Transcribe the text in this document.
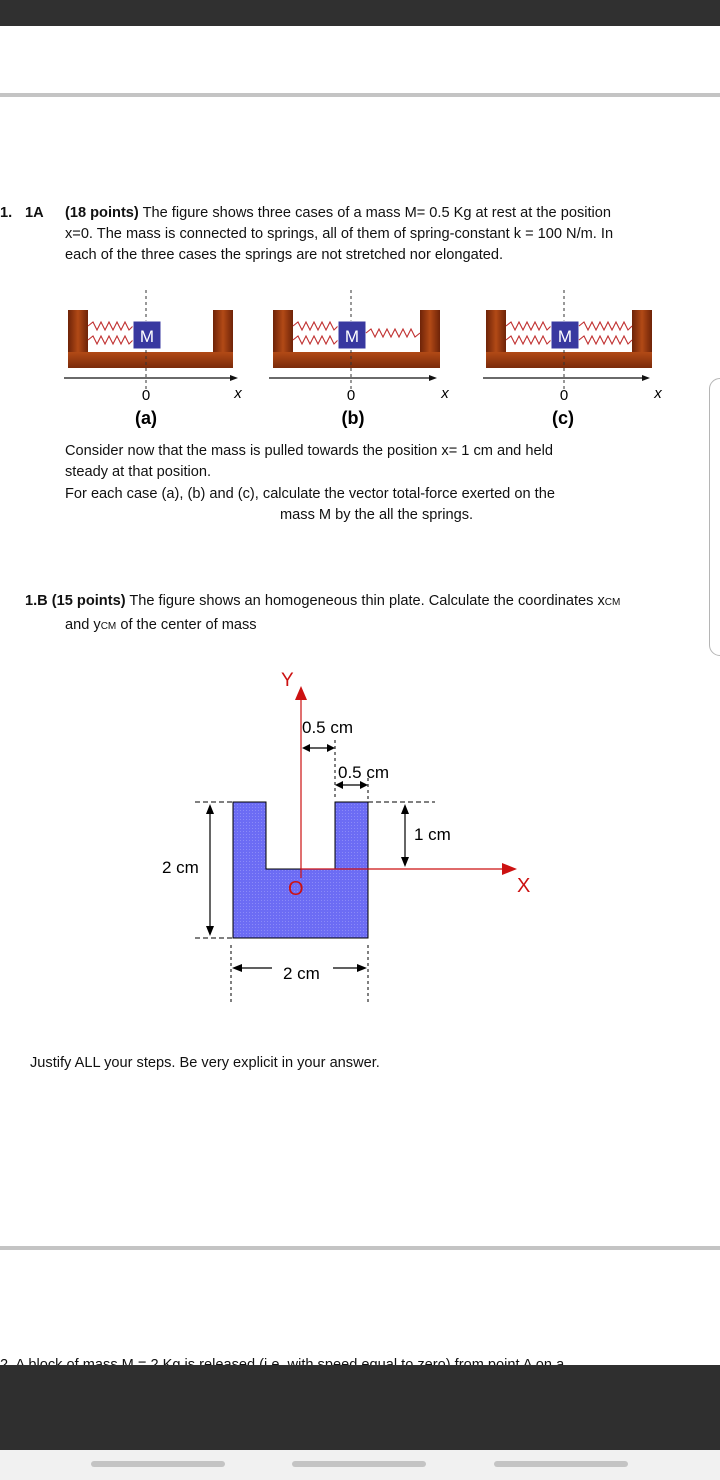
1. 1A (18 points) The figure shows three cases of a mass M= 0.5 Kg at rest at the position
x=0. The mass is connected to springs, all of them of spring-constant k = 100 N/m. In
each of the three cases the springs are not stretched nor elongated.
M
0	x
(a)
M
0	x
(b)
M
0	x
(c)
Consider now that the mass is pulled towards the position x= 1 cm and held
steady at that position.
For each case (a), (b) and (c), calculate the vector total-force exerted on the
mass M by the all the springs.
1.B (15 points) The figure shows an homogeneous thin plate. Calculate the coordinates xCM
and yCM of the center of mass
Y
X
O
0.5 cm
0.5 cm
2 cm
1 cm
2 cm
Justify ALL your steps. Be very explicit in your answer.
